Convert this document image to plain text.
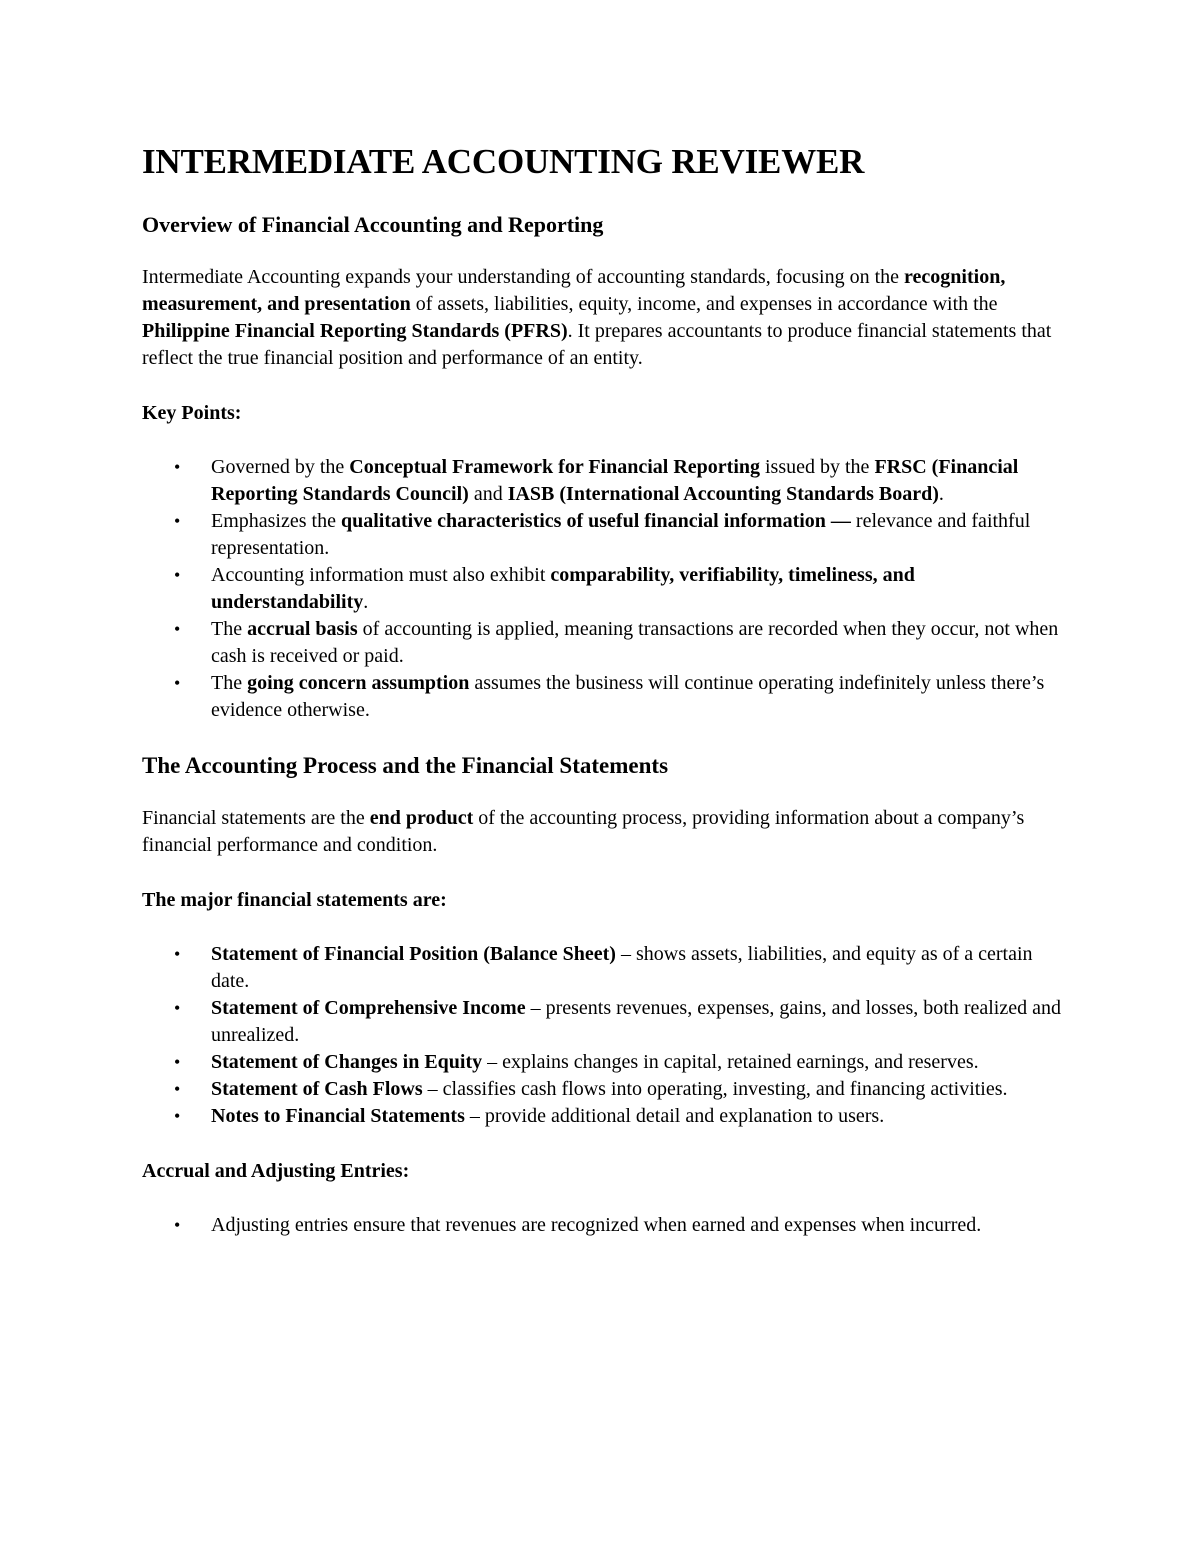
INTERMEDIATE ACCOUNTING REVIEWER
Overview of Financial Accounting and Reporting

Intermediate Accounting expands your understanding of accounting standards, focusing on the recognition, measurement, and presentation of assets, liabilities, equity, income, and expenses in accordance with the Philippine Financial Reporting Standards (PFRS). It prepares accountants to produce financial statements that reflect the true financial position and performance of an entity.

Key Points:
• Governed by the Conceptual Framework for Financial Reporting issued by the FRSC (Financial Reporting Standards Council) and IASB (International Accounting Standards Board).
• Emphasizes the qualitative characteristics of useful financial information — relevance and faithful representation.
• Accounting information must also exhibit comparability, verifiability, timeliness, and understandability.
• The accrual basis of accounting is applied, meaning transactions are recorded when they occur, not when cash is received or paid.
• The going concern assumption assumes the business will continue operating indefinitely unless there’s evidence otherwise.
The Accounting Process and the Financial Statements

Financial statements are the end product of the accounting process, providing information about a company’s financial performance and condition.

The major financial statements are:
• Statement of Financial Position (Balance Sheet) – shows assets, liabilities, and equity as of a certain date.
• Statement of Comprehensive Income – presents revenues, expenses, gains, and losses, both realized and unrealized.
• Statement of Changes in Equity – explains changes in capital, retained earnings, and reserves.
• Statement of Cash Flows – classifies cash flows into operating, investing, and financing activities.
• Notes to Financial Statements – provide additional detail and explanation to users.
Accrual and Adjusting Entries:
• Adjusting entries ensure that revenues are recognized when earned and expenses when incurred.
